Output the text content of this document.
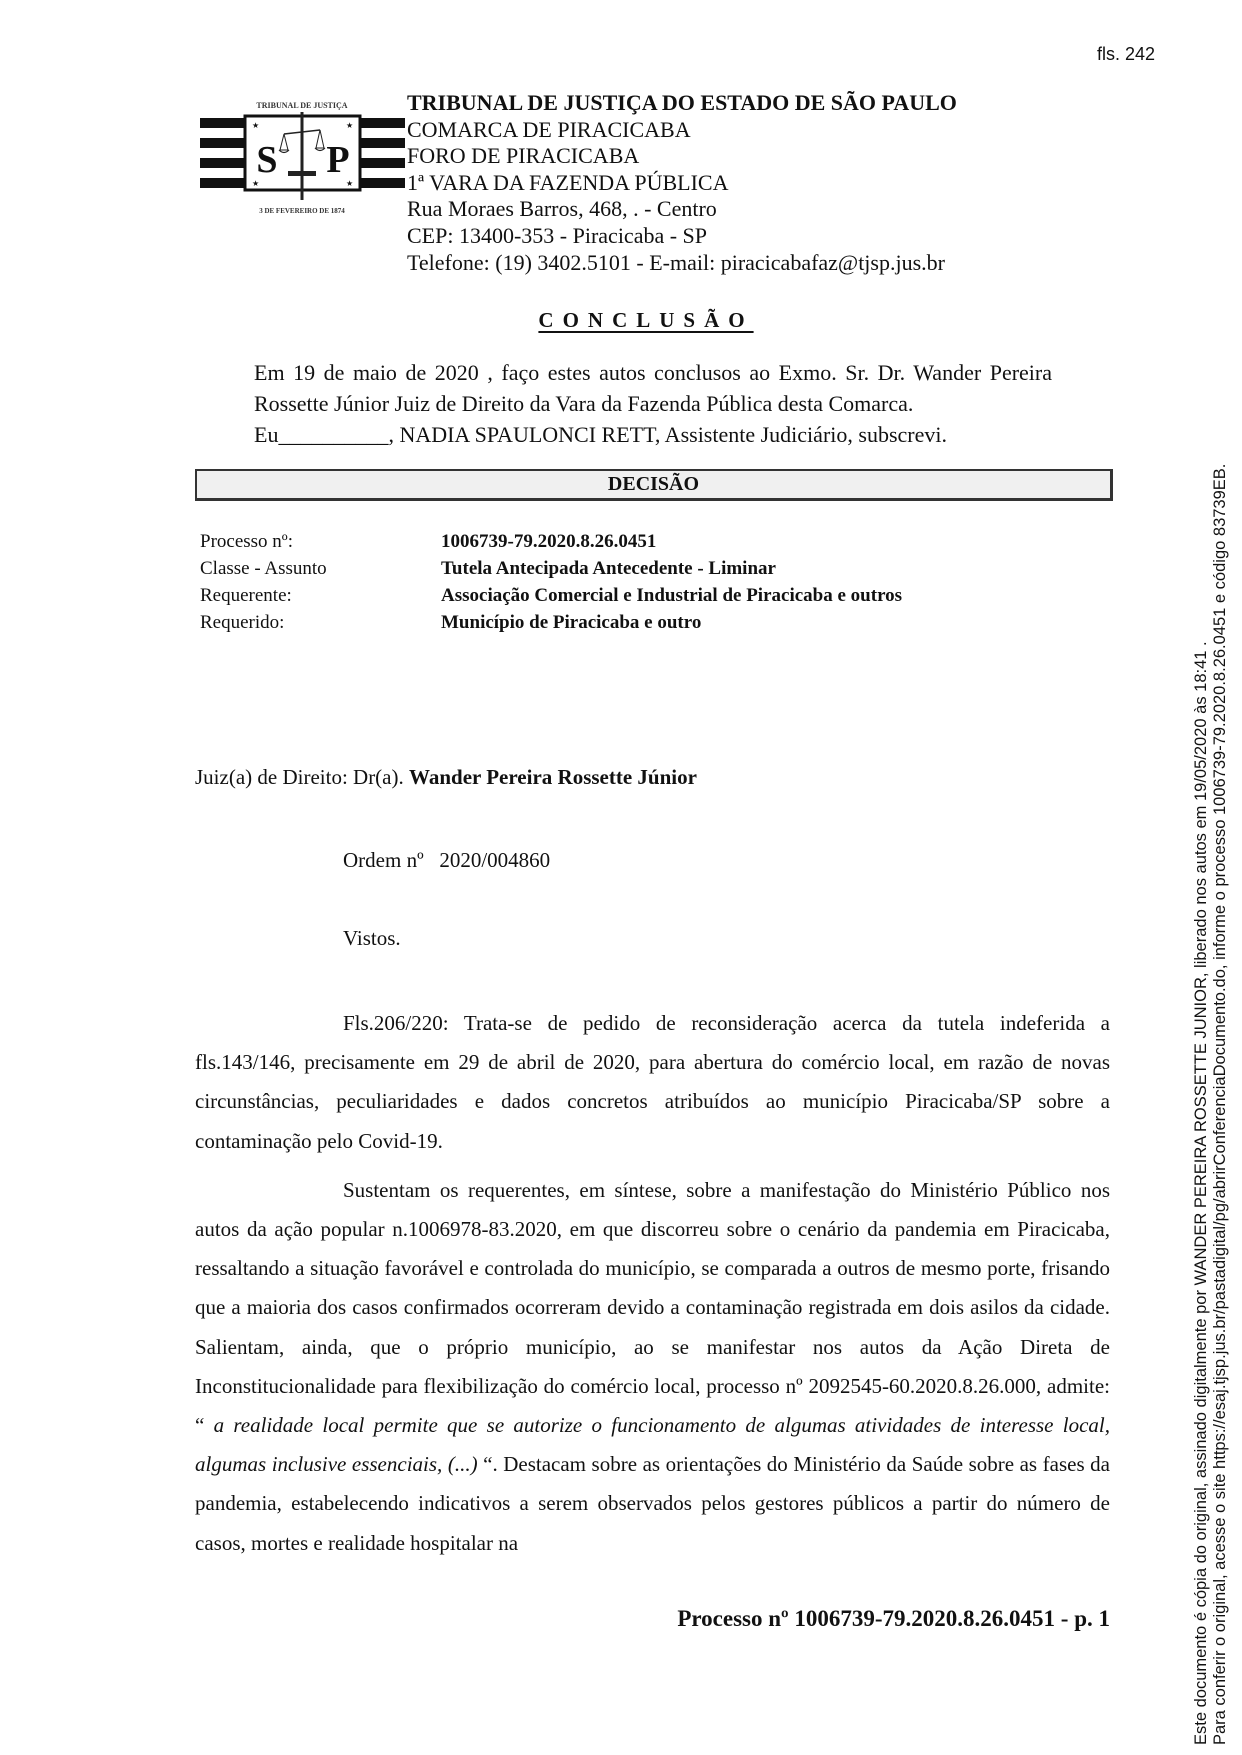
fls. 242
TRIBUNAL DE JUSTIÇA
★	★
★	★
S P
3 DE FEVEREIRO DE 1874
TRIBUNAL DE JUSTIÇA DO ESTADO DE SÃO PAULO
COMARCA DE PIRACICABA
FORO DE PIRACICABA
1ª VARA DA FAZENDA PÚBLICA
Rua Moraes Barros, 468, . - Centro
CEP: 13400-353 - Piracicaba - SP
Telefone: (19) 3402.5101 - E-mail: piracicabafaz@tjsp.jus.br
CONCLUSÃO

Em 19 de maio de 2020 , faço estes autos conclusos ao Exmo. Sr. Dr. Wander Pereira Rossette Júnior Juiz de Direito da Vara da Fazenda Pública desta Comarca.

Eu__________, NADIA SPAULONCI RETT, Assistente Judiciário, subscrevi.

DECISÃO
Processo nº:	1006739-79.2020.8.26.0451
Classe - Assunto	Tutela Antecipada Antecedente - Liminar
Requerente:	Associação Comercial e Industrial de Piracicaba e outros
Requerido:	Município de Piracicaba e outro
Juiz(a) de Direito: Dr(a). Wander Pereira Rossette Júnior
Ordem nº 2020/004860
Vistos.

Fls.206/220: Trata-se de pedido de reconsideração acerca da tutela indeferida a fls.143/146, precisamente em 29 de abril de 2020, para abertura do comércio local, em razão de novas circunstâncias, peculiaridades e dados concretos atribuídos ao município Piracicaba/SP sobre a contaminação pelo Covid-19.

Sustentam os requerentes, em síntese, sobre a manifestação do Ministério Público nos autos da ação popular n.1006978-83.2020, em que discorreu sobre o cenário da pandemia em Piracicaba, ressaltando a situação favorável e controlada do município, se comparada a outros de mesmo porte, frisando que a maioria dos casos confirmados ocorreram devido a contaminação registrada em dois asilos da cidade. Salientam, ainda, que o próprio município, ao se manifestar nos autos da Ação Direta de Inconstitucionalidade para flexibilização do comércio local, processo nº 2092545-60.2020.8.26.000, admite: “ a realidade local permite que se autorize o funcionamento de algumas atividades de interesse local, algumas inclusive essenciais, (...) “. Destacam sobre as orientações do Ministério da Saúde sobre as fases da pandemia, estabelecendo indicativos a serem observados pelos gestores públicos a partir do número de casos, mortes e realidade hospitalar na

Processo nº 1006739-79.2020.8.26.0451 - p. 1	Este documento é cópia do original, assinado digitalmente por WANDER PEREIRA ROSSETTE JUNIOR, liberado nos autos em 19/05/2020 às 18:41 . Para conferir o original, acesse o site https://esaj.tjsp.jus.br/pastadigital/pg/abrirConferenciaDocumento.do, informe o processo 1006739-79.2020.8.26.0451 e código 83739EB.
